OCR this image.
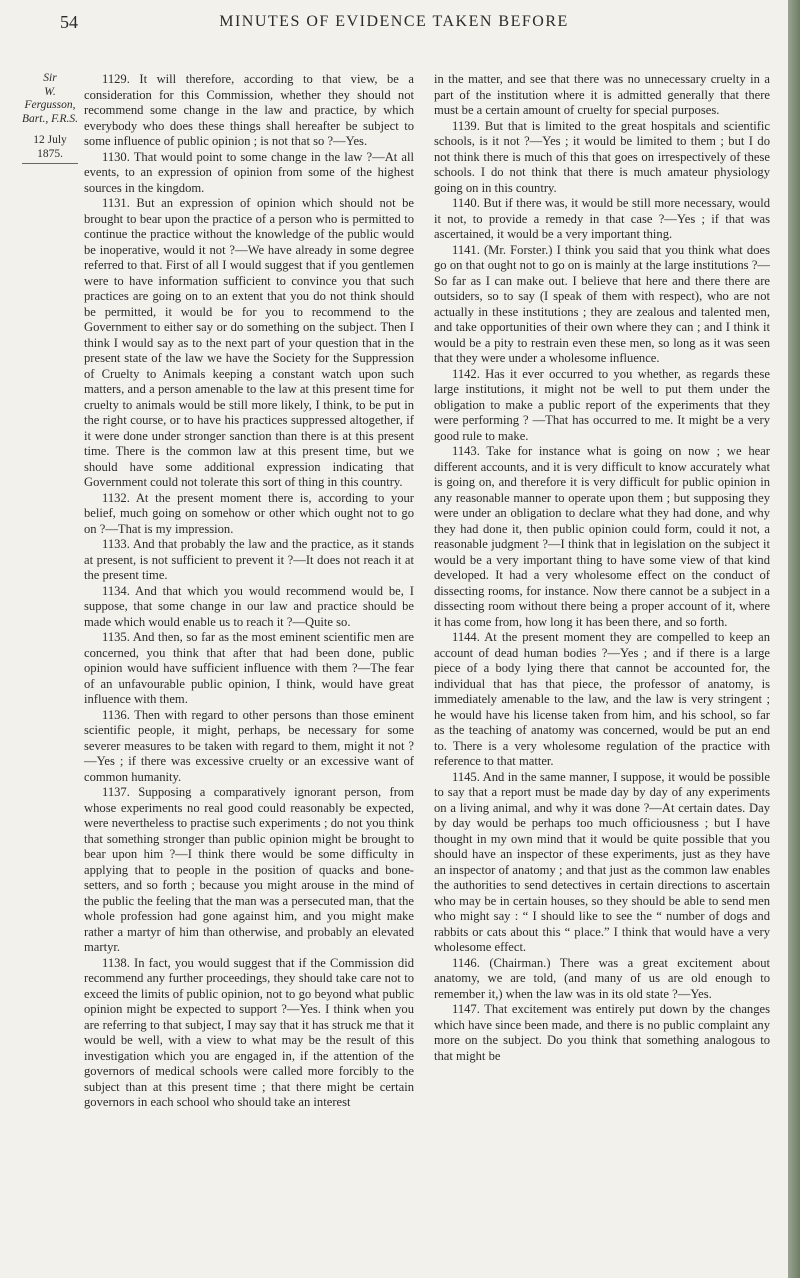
54	MINUTES OF EVIDENCE TAKEN BEFORE
Sir
W. Fergusson,
Bart., F.R.S.
12 July 1875.

1129. It will therefore, according to that view, be a consideration for this Commission, whether they should not recommend some change in the law and practice, by which everybody who does these things shall hereafter be subject to some influence of public opinion ; is not that so ?—Yes.

1130. That would point to some change in the law ?—At all events, to an expression of opinion from some of the highest sources in the kingdom.

1131. But an expression of opinion which should not be brought to bear upon the practice of a person who is permitted to continue the practice without the knowledge of the public would be inoperative, would it not ?—We have already in some degree referred to that. First of all I would suggest that if you gentlemen were to have information sufficient to convince you that such practices are going on to an extent that you do not think should be permitted, it would be for you to recommend to the Government to either say or do something on the subject. Then I think I would say as to the next part of your question that in the present state of the law we have the Society for the Suppression of Cruelty to Animals keeping a constant watch upon such matters, and a person amenable to the law at this present time for cruelty to animals would be still more likely, I think, to be put in the right course, or to have his practices suppressed altogether, if it were done under stronger sanction than there is at this present time. There is the common law at this present time, but we should have some additional expression indicating that Government could not tolerate this sort of thing in this country.

1132. At the present moment there is, according to your belief, much going on somehow or other which ought not to go on ?—That is my impression.

1133. And that probably the law and the practice, as it stands at present, is not sufficient to prevent it ?—It does not reach it at the present time.

1134. And that which you would recommend would be, I suppose, that some change in our law and practice should be made which would enable us to reach it ?—Quite so.

1135. And then, so far as the most eminent scientific men are concerned, you think that after that had been done, public opinion would have sufficient influence with them ?—The fear of an unfavourable public opinion, I think, would have great influence with them.

1136. Then with regard to other persons than those eminent scientific people, it might, perhaps, be necessary for some severer measures to be taken with regard to them, might it not ?—Yes ; if there was excessive cruelty or an excessive want of common humanity.

1137. Supposing a comparatively ignorant person, from whose experiments no real good could reasonably be expected, were nevertheless to practise such experiments ; do not you think that something stronger than public opinion might be brought to bear upon him ?—I think there would be some difficulty in applying that to people in the position of quacks and bone-setters, and so forth ; because you might arouse in the mind of the public the feeling that the man was a persecuted man, that the whole profession had gone against him, and you might make rather a martyr of him than otherwise, and probably an elevated martyr.

1138. In fact, you would suggest that if the Commission did recommend any further proceedings, they should take care not to exceed the limits of public opinion, not to go beyond what public opinion might be expected to support ?—Yes. I think when you are referring to that subject, I may say that it has struck me that it would be well, with a view to what may be the result of this investigation which you are engaged in, if the attention of the governors of medical schools were called more forcibly to the subject than at this present time ; that there might be certain governors in each school who should take an interest

in the matter, and see that there was no unnecessary cruelty in a part of the institution where it is admitted generally that there must be a certain amount of cruelty for special purposes.

1139. But that is limited to the great hospitals and scientific schools, is it not ?—Yes ; it would be limited to them ; but I do not think there is much of this that goes on irrespectively of these schools. I do not think that there is much amateur physiology going on in this country.

1140. But if there was, it would be still more necessary, would it not, to provide a remedy in that case ?—Yes ; if that was ascertained, it would be a very important thing.

1141. (Mr. Forster.) I think you said that you think what does go on that ought not to go on is mainly at the large institutions ?—So far as I can make out. I believe that here and there there are outsiders, so to say (I speak of them with respect), who are not actually in these institutions ; they are zealous and talented men, and take opportunities of their own where they can ; and I think it would be a pity to restrain even these men, so long as it was seen that they were under a wholesome influence.

1142. Has it ever occurred to you whether, as regards these large institutions, it might not be well to put them under the obligation to make a public report of the experiments that they were performing ? —That has occurred to me. It might be a very good rule to make.

1143. Take for instance what is going on now ; we hear different accounts, and it is very difficult to know accurately what is going on, and therefore it is very difficult for public opinion in any reasonable manner to operate upon them ; but supposing they were under an obligation to declare what they had done, and why they had done it, then public opinion could form, could it not, a reasonable judgment ?—I think that in legislation on the subject it would be a very important thing to have some view of that kind developed. It had a very wholesome effect on the conduct of dissecting rooms, for instance. Now there cannot be a subject in a dissecting room without there being a proper account of it, where it has come from, how long it has been there, and so forth.

1144. At the present moment they are compelled to keep an account of dead human bodies ?—Yes ; and if there is a large piece of a body lying there that cannot be accounted for, the individual that has that piece, the professor of anatomy, is immediately amenable to the law, and the law is very stringent ; he would have his license taken from him, and his school, so far as the teaching of anatomy was concerned, would be put an end to. There is a very wholesome regulation of the practice with reference to that matter.

1145. And in the same manner, I suppose, it would be possible to say that a report must be made day by day of any experiments on a living animal, and why it was done ?—At certain dates. Day by day would be perhaps too much officiousness ; but I have thought in my own mind that it would be quite possible that you should have an inspector of these experiments, just as they have an inspector of anatomy ; and that just as the common law enables the authorities to send detectives in certain directions to ascertain who may be in certain houses, so they should be able to send men who might say : “ I should like to see the “ number of dogs and rabbits or cats about this “ place.” I think that would have a very wholesome effect.

1146. (Chairman.) There was a great excitement about anatomy, we are told, (and many of us are old enough to remember it,) when the law was in its old state ?—Yes.

1147. That excitement was entirely put down by the changes which have since been made, and there is no public complaint any more on the subject. Do you think that something analogous to that might be
